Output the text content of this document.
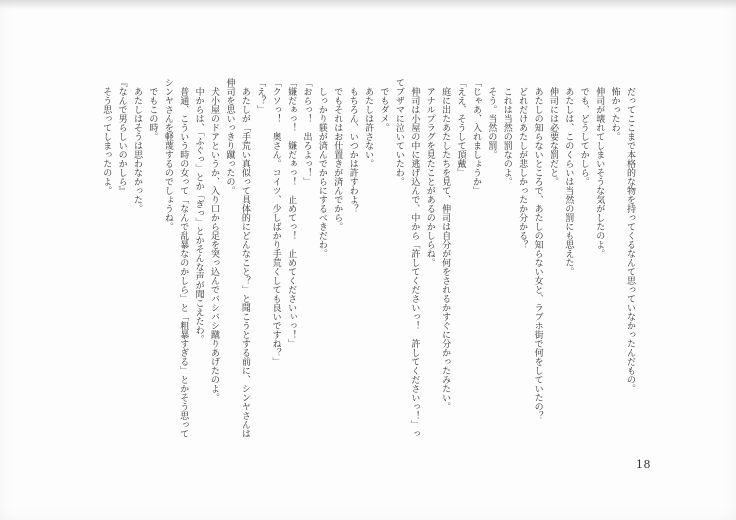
　だってここまで本格的な物を持ってくるなんて思っていなかったんだもの。

　怖かったわ。

　伸司が壊れてしまいそうな気がしたのよ。

　でも、どうしてかしら。

　あたしは、このくらいは当然の罰にも思えた。

　伸司には必要な罰だと。

　あたしの知らないところで、あたしの知らない女と、ラブホ街で何をしていたの？

　どれだけあたしが悲しかったか分かる？

　これは当然の罰なのよ。

　そう。当然の罰。

「じゃあ、入れましょうか」

「ええ、そうして頂戴」

　庭に出たあたしたちを見て、伸司は自分が何をされるかすぐに分かったみたい。

　アナルプラグを見たことがあるのかしらね。

　伸司は小屋の中に逃げ込んで、中から「許してくださいっ！　許してくださいっ！」ってブザマに泣いていたわ。

　でもダメ。

　あたしは許さない。

　もちろん、いつかは許すわよ？

　でもそれはお仕置きが済んでから。

　しっかり躾が済んでからにするべきだわ。

「おらっ！　出ろよっ！」

「嫌だぁっ！　嫌だぁっ！　止めてっ！　止めてくださいぃっ！」

「クソっ！　奥さん。コイツ、少しばかり手荒くしても良いですね？」

「え？」

　あたしが「手荒い真似って具体的にどんなこと？」と聞こうとする前に、シンヤさんは伸司を思いっきり蹴ったの。

　犬小屋のドアというか、入り口から足を突っ込んでバシバシ蹴りあげたのよ。

　中からは、「ふぐっ」とか「ぎっ」とかそんな声が聞こえたわ。

　普通、こういう時の女って「なんで乱暴なのかしら」と「粗暴すぎる」とかそう思ってシンヤさんを軽蔑するのでしょうね。

　でもこの時。

　あたしはそうは思わなかった。

『なんで男らしいのかしら』

　そう思ってしまったのよ。

18
